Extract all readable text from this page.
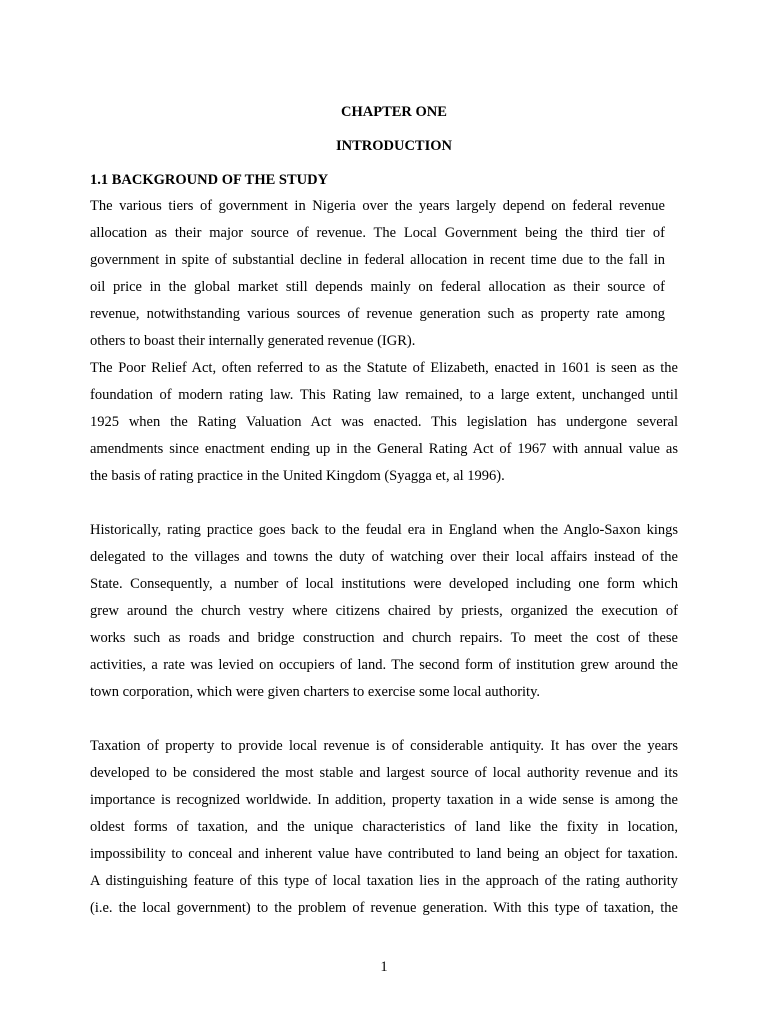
CHAPTER ONE
INTRODUCTION
1.1 BACKGROUND OF THE STUDY

The various tiers of government in Nigeria over the years largely depend on federal revenue
allocation as their major source of revenue. The Local Government being the third tier of
government in spite of substantial decline in federal allocation in recent time due to the fall in
oil price in the global market still depends mainly on federal allocation as their source of
revenue, notwithstanding various sources of revenue generation such as property rate among
others to boast their internally generated revenue (IGR).

The Poor Relief Act, often referred to as the Statute of Elizabeth, enacted in 1601 is seen as the
foundation of modern rating law. This Rating law remained, to a large extent, unchanged until
1925 when the Rating Valuation Act was enacted. This legislation has undergone several
amendments since enactment ending up in the General Rating Act of 1967 with annual value as
the basis of rating practice in the United Kingdom (Syagga et, al 1996).

Historically, rating practice goes back to the feudal era in England when the Anglo-Saxon kings
delegated to the villages and towns the duty of watching over their local affairs instead of the
State. Consequently, a number of local institutions were developed including one form which
grew around the church vestry where citizens chaired by priests, organized the execution of
works such as roads and bridge construction and church repairs. To meet the cost of these
activities, a rate was levied on occupiers of land. The second form of institution grew around the
town corporation, which were given charters to exercise some local authority.

Taxation of property to provide local revenue is of considerable antiquity. It has over the years
developed to be considered the most stable and largest source of local authority revenue and its
importance is recognized worldwide. In addition, property taxation in a wide sense is among the
oldest forms of taxation, and the unique characteristics of land like the fixity in location,
impossibility to conceal and inherent value have contributed to land being an object for taxation.
A distinguishing feature of this type of local taxation lies in the approach of the rating authority
(i.e. the local government) to the problem of revenue generation. With this type of taxation, the

1
